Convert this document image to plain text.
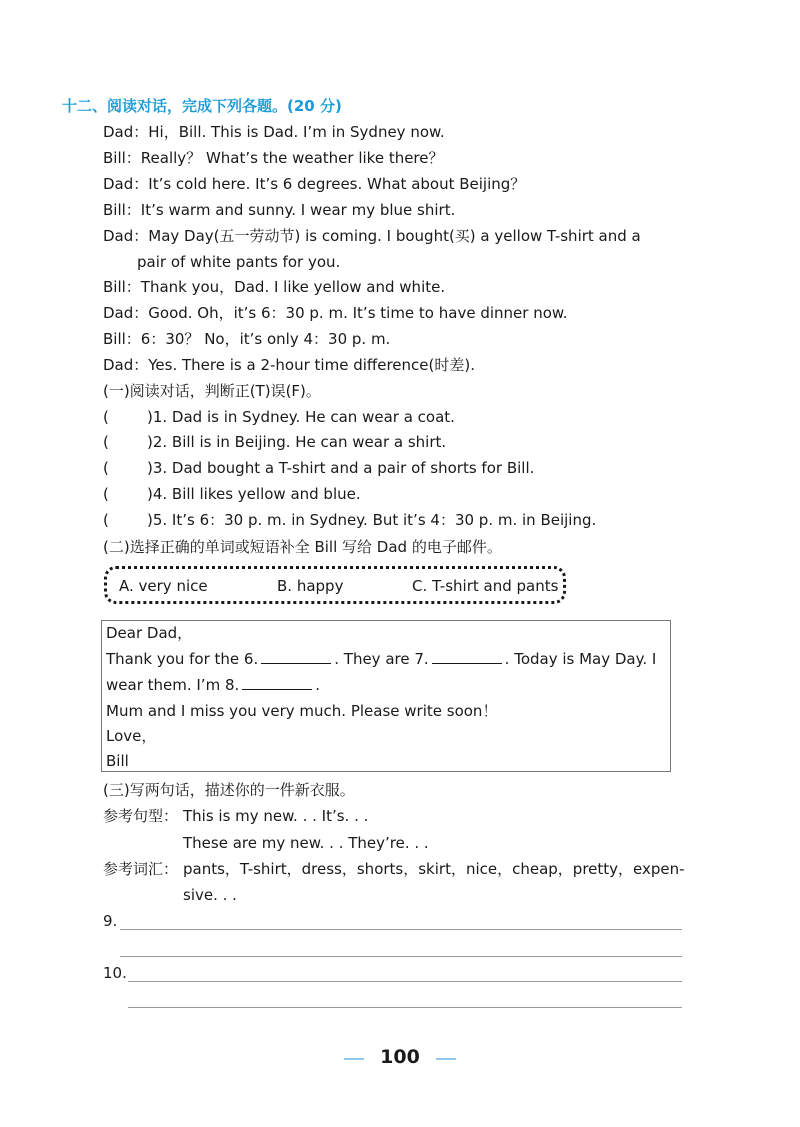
十二、阅读对话，完成下列各题。(20 分)
Dad：Hi，Bill. This is Dad. I’m in Sydney now.
Bill：Really？ What’s the weather like there？
Dad：It’s cold here. It’s 6 degrees. What about Beijing？
Bill：It’s warm and sunny. I wear my blue shirt.
Dad：May Day(五一劳动节) is coming. I bought(买) a yellow T-shirt and a
pair of white pants for you.
Bill：Thank you，Dad. I like yellow and white.
Dad：Good. Oh，it’s 6：30 p. m. It’s time to have dinner now.
Bill：6：30？ No，it’s only 4：30 p. m.
Dad：Yes. There is a 2-hour time difference(时差).
(一)阅读对话，判断正(T)误(F)。
(	)1. Dad is in Sydney. He can wear a coat.
(	)2. Bill is in Beijing. He can wear a shirt.
(	)3. Dad bought a T-shirt and a pair of shorts for Bill.
(	)4. Bill likes yellow and blue.
(	)5. It’s 6：30 p. m. in Sydney. But it’s 4：30 p. m. in Beijing.
(二)选择正确的单词或短语补全 Bill 写给 Dad 的电子邮件。
A. very nice	B. happy	C. T-shirt and pants
Dear Dad，
Thank you for the 6.	. They are 7.	. Today is May Day. I
wear them. I’m 8.	.
Mum and I miss you very much. Please write soon！
Love，
Bill
(三)写两句话，描述你的一件新衣服。
参考句型： This is my new. . . It’s. . .
These are my new. . . They’re. . .
参考词汇： pants，T-shirt，dress，shorts，skirt，nice，cheap，pretty，expen-
sive. . .
9.
10.
100
